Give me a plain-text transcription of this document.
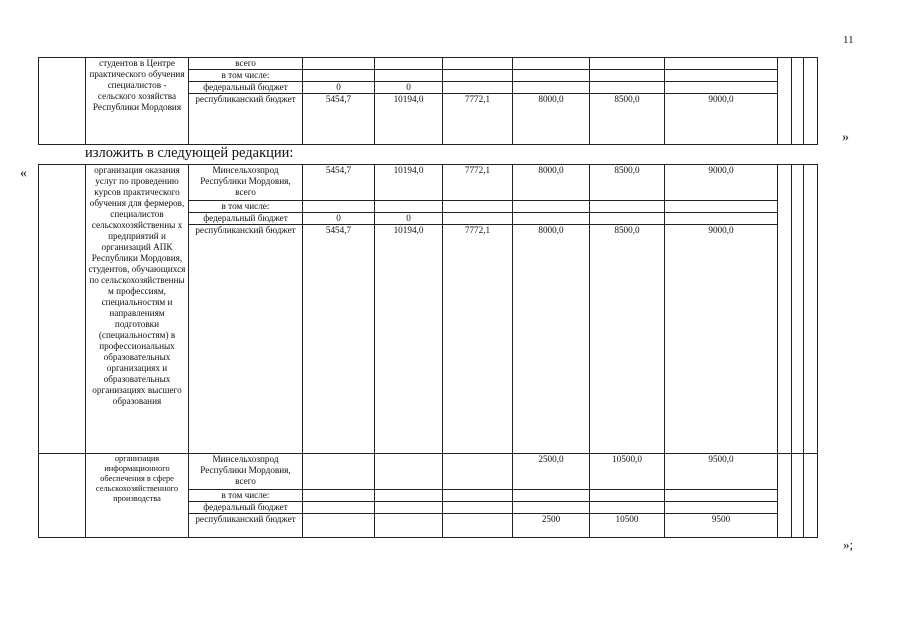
11
	студентов в Центре практического обучения специалистов - сельского хозяйства Республики Мордовия	всего									
		в том числе:									
		федеральный бюджет	0	0							
		республиканский бюджет	5454,7	10194,0	7772,1	8000,0	8500,0	9000,0			
»
изложить в следующей редакции:
«
		организация оказания услуг по проведению курсов практического обучения для фермеров, специалистов сельскохозяйственны х предприятий и организаций АПК Республики Мордовия, студентов, обучающихся по сельскохозяйственны м профессиям, специальностям и направлениям подготовки (специальностям) в профессиональных образовательных организациях и образовательных организациях высшего образования	Минсельхозпрод Республики Мордовия, всего	5454,7	10194,0	7772,1	8000,0	8500,0	9000,0			
		в том числе:									
		федеральный бюджет	0	0							
		республиканский бюджет	5454,7	10194,0	7772,1	8000,0	8500,0	9000,0			
	организация информационного обеспечения в сфере сельскохозяйственного производства	Минсельхозпрод Республики Мордовия, всего				2500,0	10500,0	9500,0			
		в том числе:									
		федеральный бюджет									
		республиканский бюджет				2500	10500	9500			
»;
